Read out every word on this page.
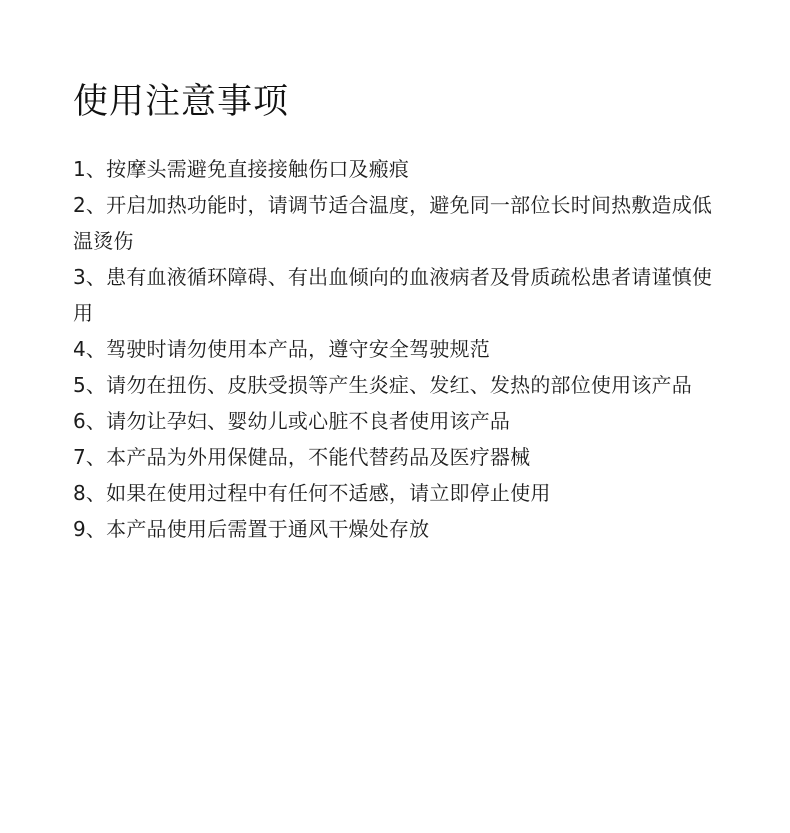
使用注意事项
1、按摩头需避免直接接触伤口及瘢痕
2、开启加热功能时，请调节适合温度，避免同一部位长时间热敷造成低温烫伤
3、患有血液循环障碍、有出血倾向的血液病者及骨质疏松患者请谨慎使用
4、驾驶时请勿使用本产品，遵守安全驾驶规范
5、请勿在扭伤、皮肤受损等产生炎症、发红、发热的部位使用该产品
6、请勿让孕妇、婴幼儿或心脏不良者使用该产品
7、本产品为外用保健品，不能代替药品及医疗器械
8、如果在使用过程中有任何不适感，请立即停止使用
9、本产品使用后需置于通风干燥处存放
